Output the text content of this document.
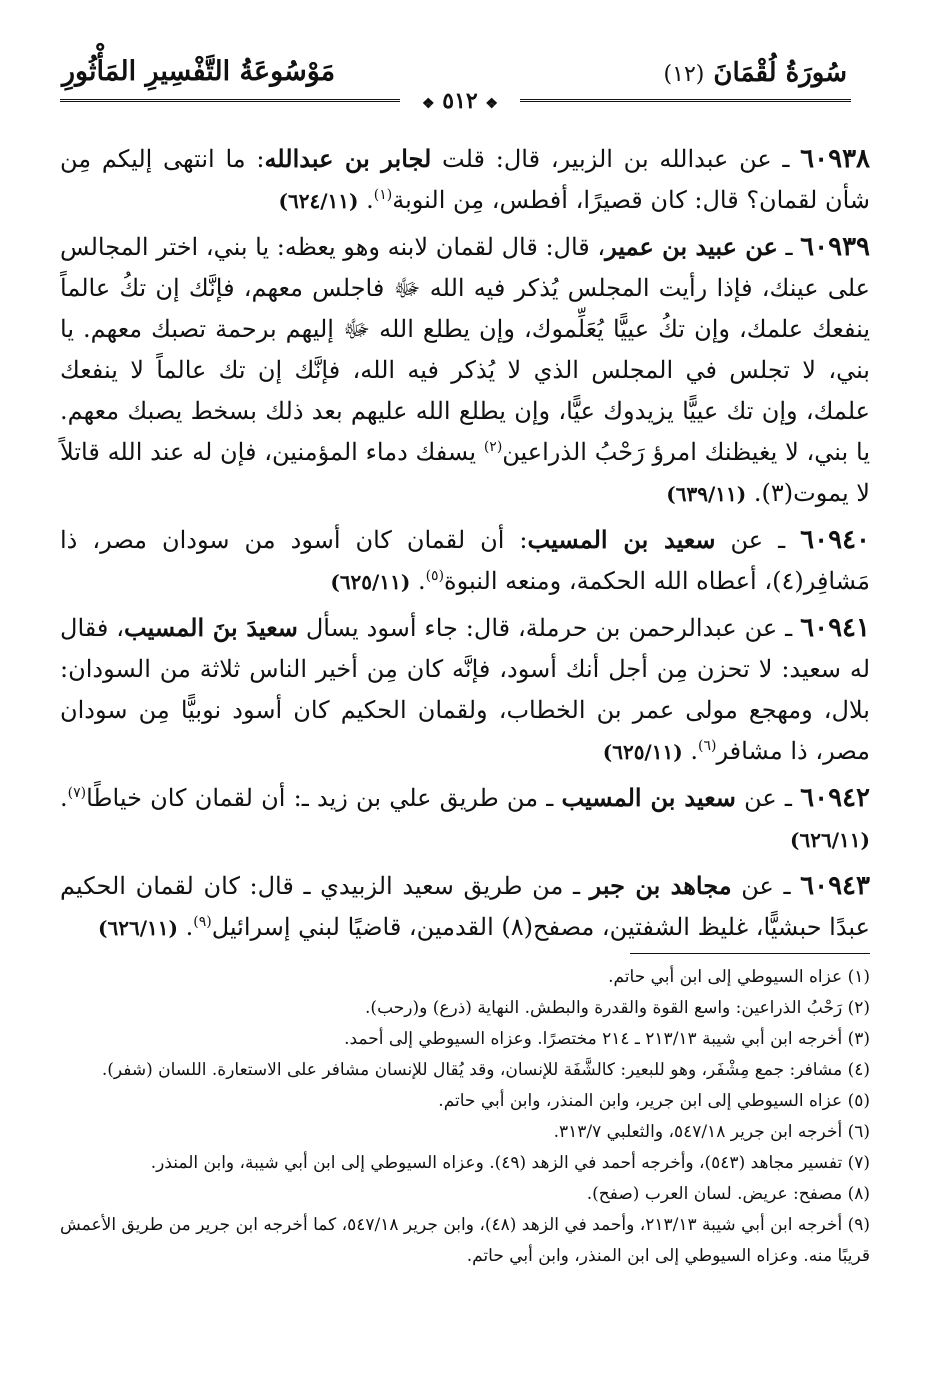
سُورَةُ لُقْمَانَ (١٢)
مَوْسُوعَةُ التَّفْسِيرِ المَأْثُورِ
❖ ٥١٢ ❖
٦٠٩٣٨ ـ عن عبدالله بن الزبير، قال: قلت لجابر بن عبدالله: ما انتهى إليكم مِن شأن لقمان؟ قال: كان قصيرًا، أفطس، مِن النوبة$^{(١)}$. (٦٢٤/١١)
٦٠٩٣٩ ـ عن عبيد بن عمير، قال: قال لقمان لابنه وهو يعظه: يا بني، اختر المجالس على عينك، فإذا رأيت المجلس يُذكر فيه الله ﷻ فاجلس معهم، فإنَّك إن تكُ عالماً ينفعك علمك، وإن تكُ عييًّا يُعَلِّموك، وإن يطلع الله ﷻ إليهم برحمة تصبك معهم. يا بني، لا تجلس في المجلس الذي لا يُذكر فيه الله، فإنَّك إن تك عالماً لا ينفعك علمك، وإن تك عييًّا يزيدوك عيًّا، وإن يطلع الله عليهم بعد ذلك بسخط يصبك معهم. يا بني، لا يغيظنك امرؤ رَحْبُ الذراعين$^{(٢)}$ يسفك دماء المؤمنين، فإن له عند الله قاتلاً لا يموت(٣). (٦٣٩/١١)
٦٠٩٤٠ ـ عن سعيد بن المسيب: أن لقمان كان أسود من سودان مصر، ذا مَشافِر(٤)، أعطاه الله الحكمة، ومنعه النبوة$^{(٥)}$. (٦٢٥/١١)
٦٠٩٤١ ـ عن عبدالرحمن بن حرملة، قال: جاء أسود يسأل سعيدَ بنَ المسيب، فقال له سعيد: لا تحزن مِن أجل أنك أسود، فإنَّه كان مِن أخير الناس ثلاثة من السودان: بلال، ومهجع مولى عمر بن الخطاب، ولقمان الحكيم كان أسود نوبيًّا مِن سودان مصر، ذا مشافر$^{(٦)}$. (٦٢٥/١١)
٦٠٩٤٢ ـ عن سعيد بن المسيب ـ من طريق علي بن زيد ـ: أن لقمان كان خياطًا$^{(٧)}$. (٦٢٦/١١)
٦٠٩٤٣ ـ عن مجاهد بن جبر ـ من طريق سعيد الزبيدي ـ قال: كان لقمان الحكيم عبدًا حبشيًّا، غليظ الشفتين، مصفح(٨) القدمين، قاضيًا لبني إسرائيل$^{(٩)}$. (٦٢٦/١١)

(١) عزاه السيوطي إلى ابن أبي حاتم.

(٢) رَحْبُ الذراعين: واسع القوة والقدرة والبطش. النهاية (ذرع) و(رحب).

(٣) أخرجه ابن أبي شيبة ٢١٣/١٣ ـ ٢١٤ مختصرًا. وعزاه السيوطي إلى أحمد.

(٤) مشافر: جمع مِشْفَر، وهو للبعير: كالشَّفَة للإنسان، وقد يُقال للإنسان مشافر على الاستعارة. اللسان (شفر).

(٥) عزاه السيوطي إلى ابن جرير، وابن المنذر، وابن أبي حاتم.

(٦) أخرجه ابن جرير ٥٤٧/١٨، والثعلبي ٣١٣/٧.

(٧) تفسير مجاهد (٥٤٣)، وأخرجه أحمد في الزهد (٤٩). وعزاه السيوطي إلى ابن أبي شيبة، وابن المنذر.

(٨) مصفح: عريض. لسان العرب (صفح).

(٩) أخرجه ابن أبي شيبة ٢١٣/١٣، وأحمد في الزهد (٤٨)، وابن جرير ٥٤٧/١٨، كما أخرجه ابن جرير من طريق الأعمش قريبًا منه. وعزاه السيوطي إلى ابن المنذر، وابن أبي حاتم.
